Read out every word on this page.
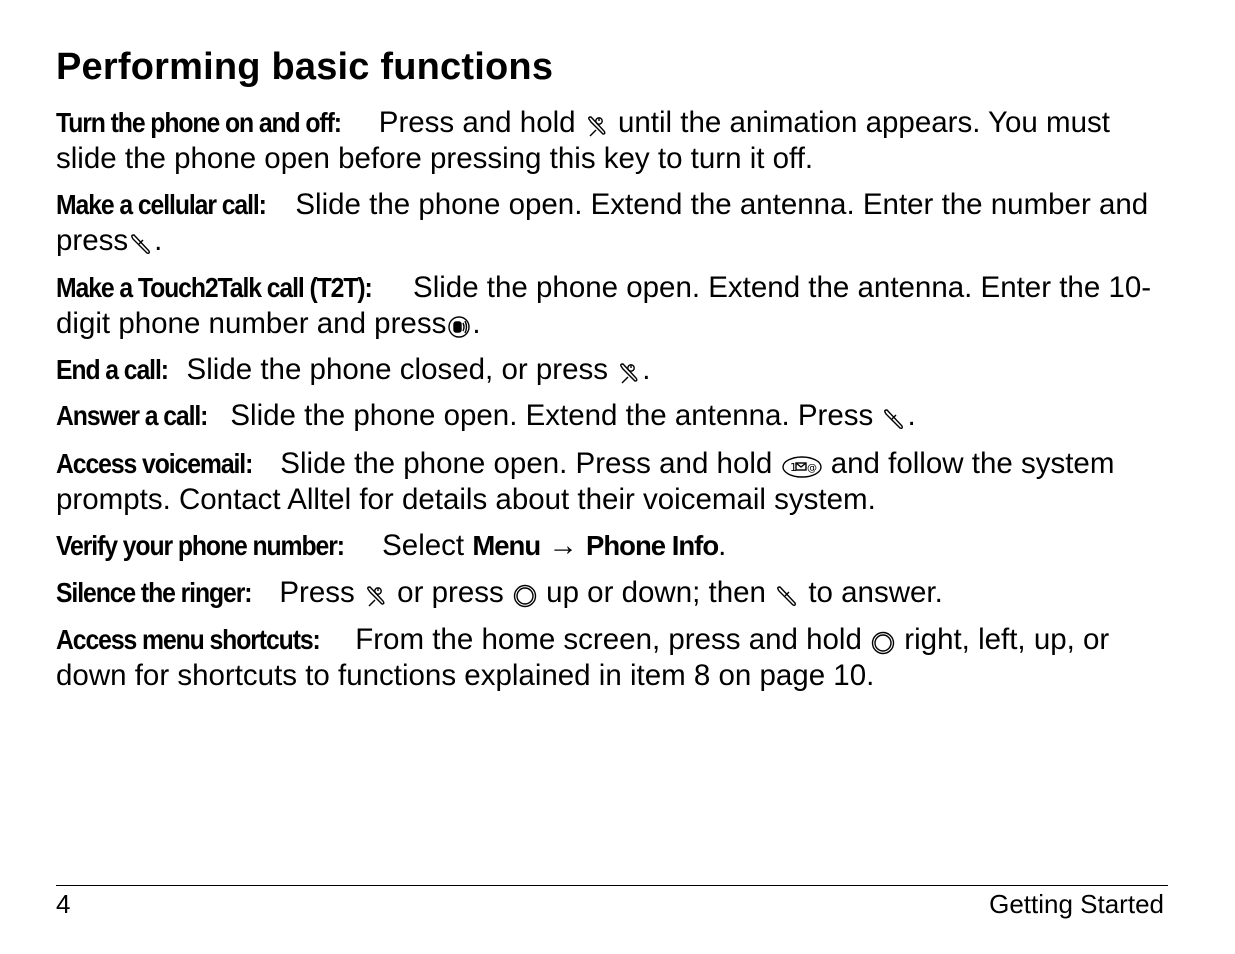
Performing basic functions

Turn the phone on and off: Press and hold until the animation appears. You must slide the phone open before pressing this key to turn it off.

Make a cellular call: Slide the phone open. Extend the antenna. Enter the number and press .

Make a Touch2Talk call (T2T): Slide the phone open. Extend the antenna. Enter the 10-digit phone number and press .

End a call: Slide the phone closed, or press .

Answer a call: Slide the phone open. Extend the antenna. Press .

Access voicemail: Slide the phone open. Press and hold 1 @ and follow the system prompts. Contact Alltel for details about their voicemail system.

Verify your phone number: Select Menu → Phone Info.

Silence the ringer: Press or press up or down; then to answer.

Access menu shortcuts: From the home screen, press and hold right, left, up, or down for shortcuts to functions explained in item 8 on page 10.

4	Getting Started
